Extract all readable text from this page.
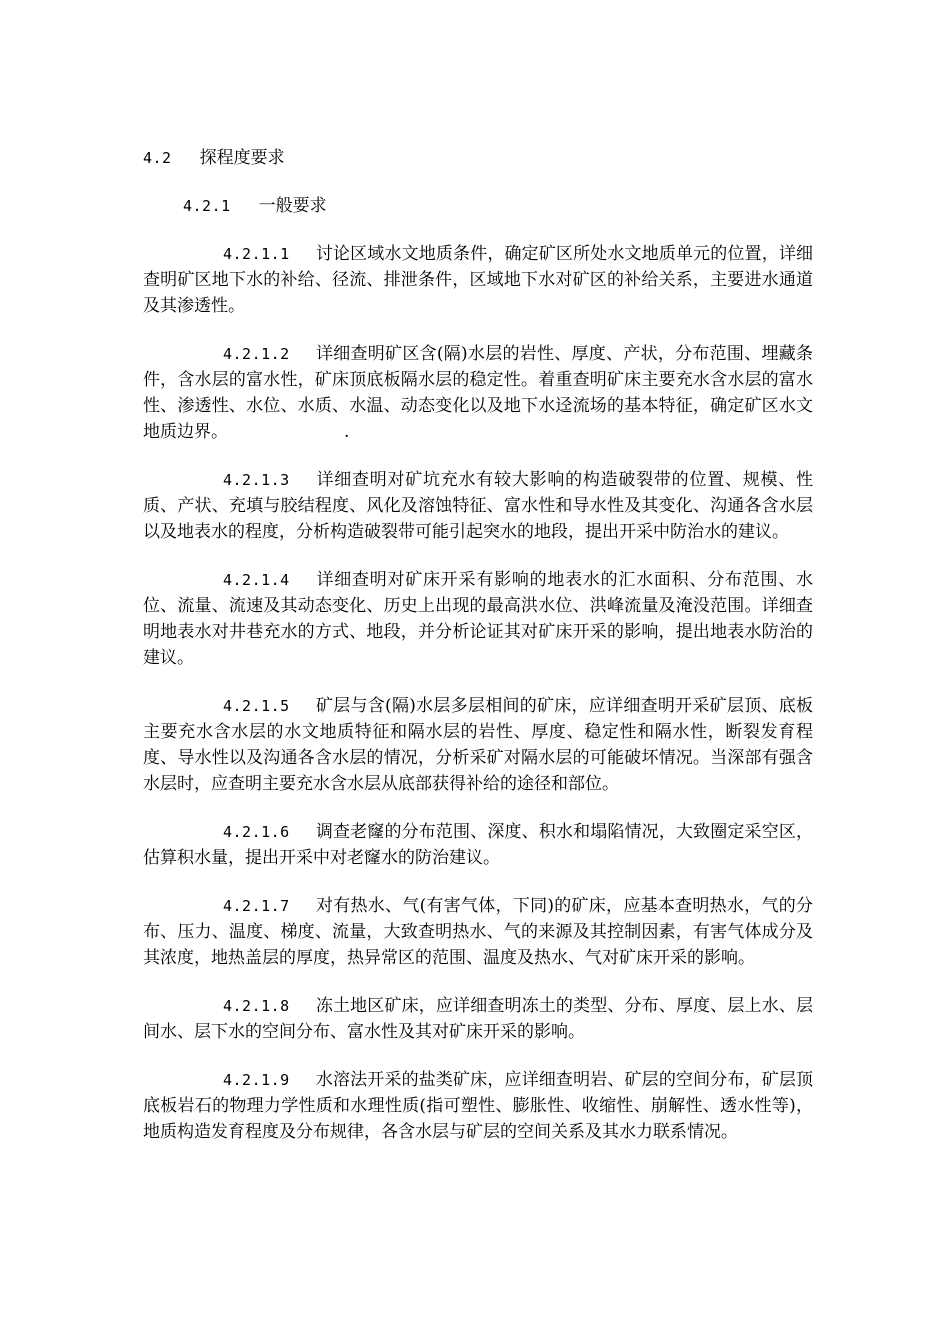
4.2 探程度要求
4.2.1 一般要求

4.2.1.1 讨论区域水文地质条件，确定矿区所处水文地质单元的位置，详细查明矿区地下水的补给、径流、排泄条件，区域地下水对矿区的补给关系，主要进水通道及其渗透性。

4.2.1.2 详细查明矿区含(隔)水层的岩性、厚度、产状，分布范围、埋藏条件，含水层的富水性，矿床顶底板隔水层的稳定性。着重查明矿床主要充水含水层的富水性、渗透性、水位、水质、水温、动态变化以及地下水迳流场的基本特征，确定矿区水文地质边界。	.

4.2.1.3 详细查明对矿坑充水有较大影响的构造破裂带的位置、规模、性质、产状、充填与胶结程度、风化及溶蚀特征、富水性和导水性及其变化、沟通各含水层以及地表水的程度，分析构造破裂带可能引起突水的地段，提出开采中防治水的建议。

4.2.1.4 详细查明对矿床开采有影响的地表水的汇水面积、分布范围、水位、流量、流速及其动态变化、历史上出现的最高洪水位、洪峰流量及淹没范围。详细查明地表水对井巷充水的方式、地段，并分析论证其对矿床开采的影响，提出地表水防治的建议。

4.2.1.5 矿层与含(隔)水层多层相间的矿床，应详细查明开采矿层顶、底板主要充水含水层的水文地质特征和隔水层的岩性、厚度、稳定性和隔水性，断裂发育程度、导水性以及沟通各含水层的情况，分析采矿对隔水层的可能破坏情况。当深部有强含水层时，应查明主要充水含水层从底部获得补给的途径和部位。

4.2.1.6 调查老窿的分布范围、深度、积水和塌陷情况，大致圈定采空区，估算积水量，提出开采中对老窿水的防治建议。

4.2.1.7 对有热水、气(有害气体，下同)的矿床，应基本查明热水，气的分布、压力、温度、梯度、流量，大致查明热水、气的来源及其控制因素，有害气体成分及其浓度，地热盖层的厚度，热异常区的范围、温度及热水、气对矿床开采的影响。

4.2.1.8 冻土地区矿床，应详细查明冻土的类型、分布、厚度、层上水、层间水、层下水的空间分布、富水性及其对矿床开采的影响。

4.2.1.9 水溶法开采的盐类矿床，应详细查明岩、矿层的空间分布，矿层顶底板岩石的物理力学性质和水理性质(指可塑性、膨胀性、收缩性、崩解性、透水性等)，地质构造发育程度及分布规律，各含水层与矿层的空间关系及其水力联系情况。
